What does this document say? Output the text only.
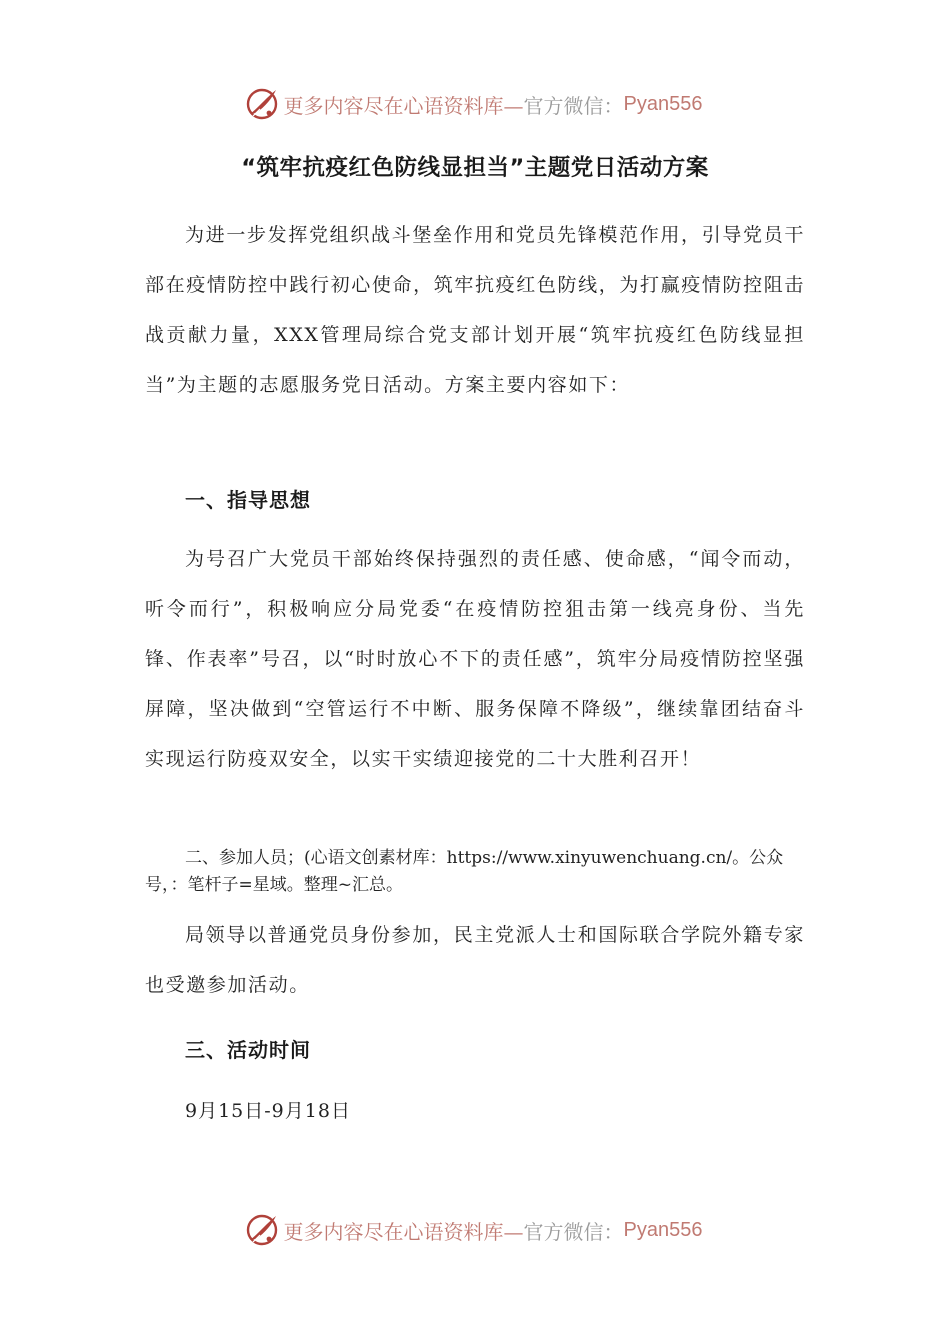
更多内容尽在心语资料库— 官方微信： Pyan556
“筑牢抗疫红色防线显担当”主题党日活动方案

为进一步发挥党组织战斗堡垒作用和党员先锋模范作用，引导党员干部在疫情防控中践行初心使命，筑牢抗疫红色防线，为打赢疫情防控阻击战贡献力量，XXX管理局综合党支部计划开展“筑牢抗疫红色防线显担当”为主题的志愿服务党日活动。方案主要内容如下：

一、指导思想

为号召广大党员干部始终保持强烈的责任感、使命感，“闻令而动，听令而行”，积极响应分局党委“在疫情防控狙击第一线亮身份、当先锋、作表率”号召，以“时时放心不下的责任感”，筑牢分局疫情防控坚强屏障，坚决做到“空管运行不中断、服务保障不降级”，继续靠团结奋斗实现运行防疫双安全，以实干实绩迎接党的二十大胜利召开！

二、参加人员；(心语文创素材库：https://www.xinyuwenchuang.cn/。公众号，：笔杆子=星域。整理~汇总。

局领导以普通党员身份参加，民主党派人士和国际联合学院外籍专家也受邀参加活动。

三、活动时间

9月15日-9月18日

更多内容尽在心语资料库— 官方微信： Pyan556
